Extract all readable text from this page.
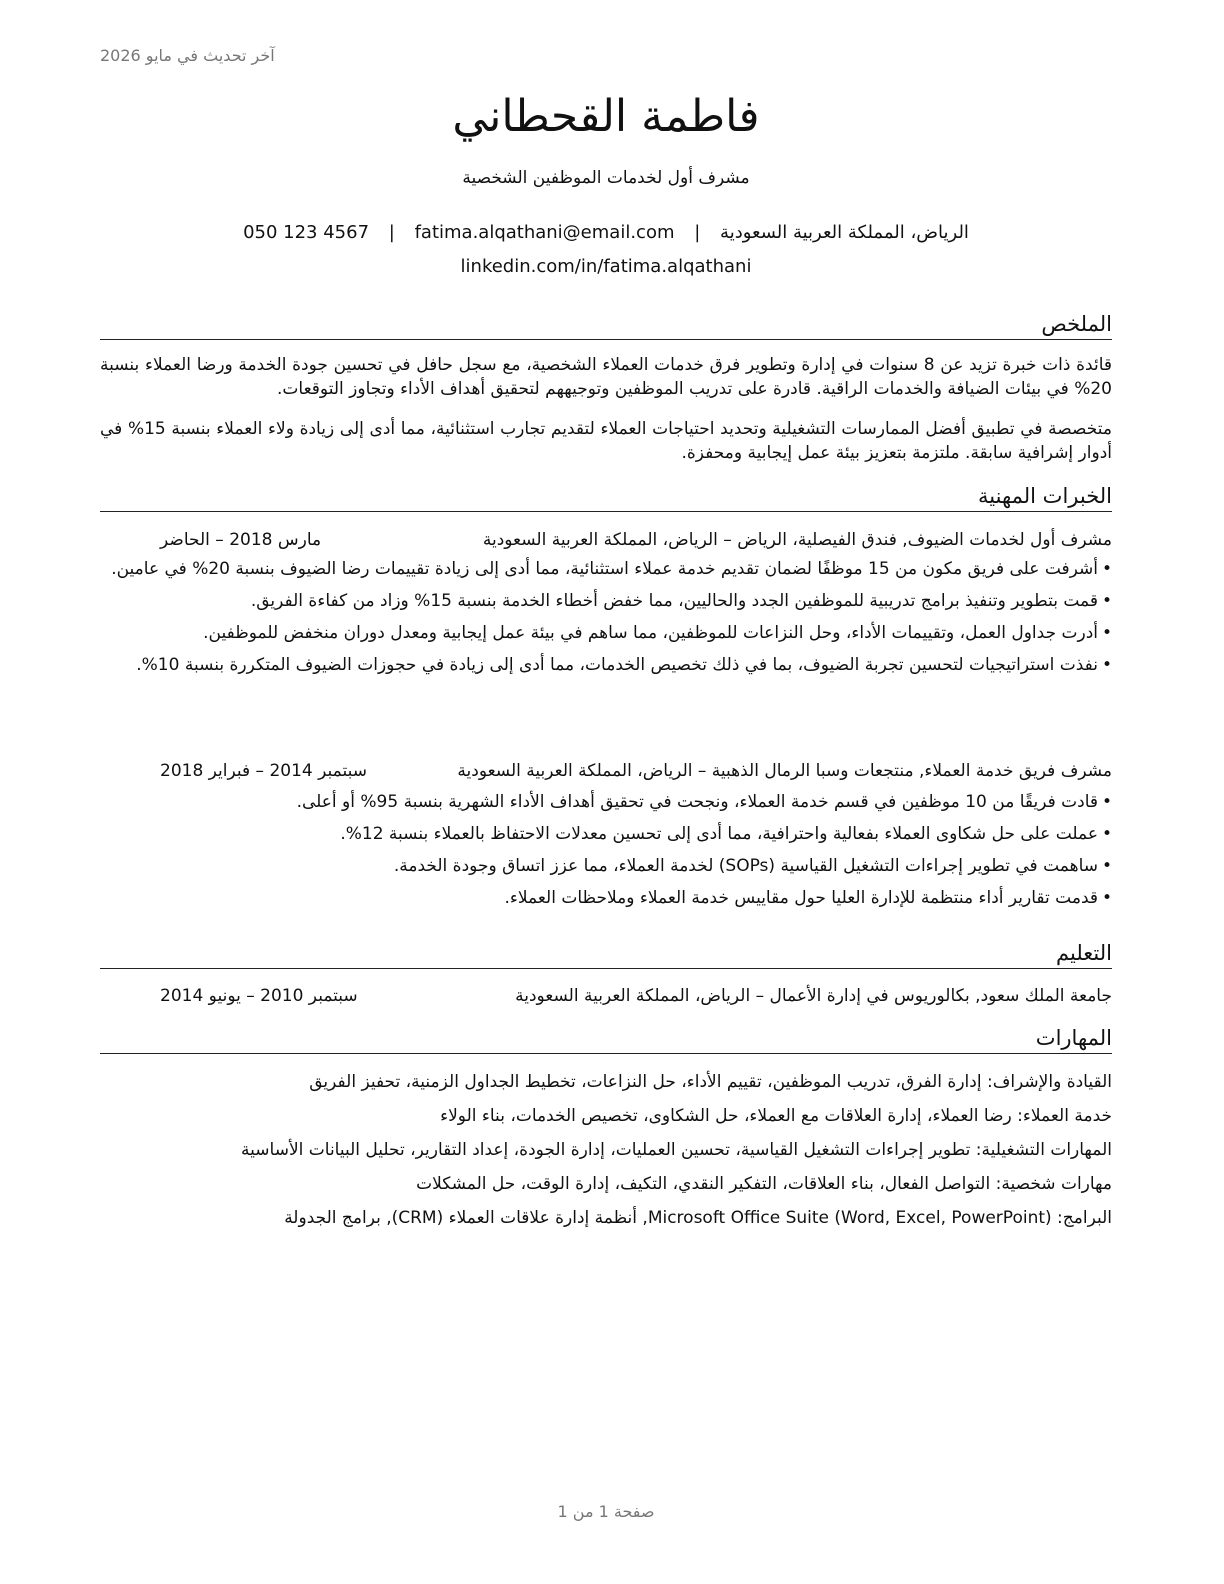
آخر تحديث في مايو 2026
فاطمة القحطاني
مشرف أول لخدمات الموظفين الشخصية
الرياض، المملكة العربية السعودية | fatima.alqathani@email.com | 050 123 4567
linkedin.com/in/fatima.alqathani
الملخص

قائدة ذات خبرة تزيد عن 8 سنوات في إدارة وتطوير فرق خدمات العملاء الشخصية، مع سجل حافل في تحسين جودة الخدمة ورضا العملاء بنسبة 20% في بيئات الضيافة والخدمات الراقية. قادرة على تدريب الموظفين وتوجيههم لتحقيق أهداف الأداء وتجاوز التوقعات.

متخصصة في تطبيق أفضل الممارسات التشغيلية وتحديد احتياجات العملاء لتقديم تجارب استثنائية، مما أدى إلى زيادة ولاء العملاء بنسبة 15% في أدوار إشرافية سابقة. ملتزمة بتعزيز بيئة عمل إيجابية ومحفزة.

الخبرات المهنية
مشرف أول لخدمات الضيوف, فندق الفيصلية، الرياض – الرياض، المملكة العربية السعودية
مارس 2018 – الحاضر
• أشرفت على فريق مكون من 15 موظفًا لضمان تقديم خدمة عملاء استثنائية، مما أدى إلى زيادة تقييمات رضا الضيوف بنسبة 20% في عامين.
• قمت بتطوير وتنفيذ برامج تدريبية للموظفين الجدد والحاليين، مما خفض أخطاء الخدمة بنسبة 15% وزاد من كفاءة الفريق.
• أدرت جداول العمل، وتقييمات الأداء، وحل النزاعات للموظفين، مما ساهم في بيئة عمل إيجابية ومعدل دوران منخفض للموظفين.
• نفذت استراتيجيات لتحسين تجربة الضيوف، بما في ذلك تخصيص الخدمات، مما أدى إلى زيادة في حجوزات الضيوف المتكررة بنسبة 10%.
مشرف فريق خدمة العملاء, منتجعات وسبا الرمال الذهبية – الرياض، المملكة العربية السعودية
سبتمبر 2014 – فبراير 2018
• قادت فريقًا من 10 موظفين في قسم خدمة العملاء، ونجحت في تحقيق أهداف الأداء الشهرية بنسبة 95% أو أعلى.
• عملت على حل شكاوى العملاء بفعالية واحترافية، مما أدى إلى تحسين معدلات الاحتفاظ بالعملاء بنسبة 12%.
• ساهمت في تطوير إجراءات التشغيل القياسية (SOPs) لخدمة العملاء، مما عزز اتساق وجودة الخدمة.
• قدمت تقارير أداء منتظمة للإدارة العليا حول مقاييس خدمة العملاء وملاحظات العملاء.
التعليم
جامعة الملك سعود, بكالوريوس في إدارة الأعمال – الرياض، المملكة العربية السعودية
سبتمبر 2010 – يونيو 2014
المهارات
القيادة والإشراف: إدارة الفرق، تدريب الموظفين، تقييم الأداء، حل النزاعات، تخطيط الجداول الزمنية، تحفيز الفريق
خدمة العملاء: رضا العملاء، إدارة العلاقات مع العملاء، حل الشكاوى، تخصيص الخدمات، بناء الولاء
المهارات التشغيلية: تطوير إجراءات التشغيل القياسية، تحسين العمليات، إدارة الجودة، إعداد التقارير، تحليل البيانات الأساسية
مهارات شخصية: التواصل الفعال، بناء العلاقات، التفكير النقدي، التكيف، إدارة الوقت، حل المشكلات
البرامج: Microsoft Office Suite (Word, Excel, PowerPoint), أنظمة إدارة علاقات العملاء (CRM), برامج الجدولة
صفحة 1 من 1
